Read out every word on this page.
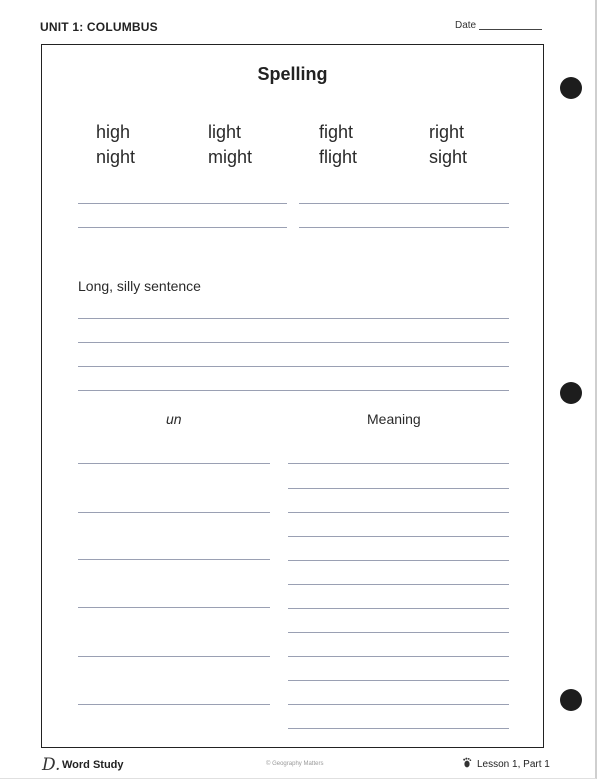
UNIT 1: COLUMBUS	Date
Spelling
high	light	fight	right
night	might	flight	sight
Long, silly sentence
un	Meaning
D. Word Study	© Geography Matters	Lesson 1, Part 1
